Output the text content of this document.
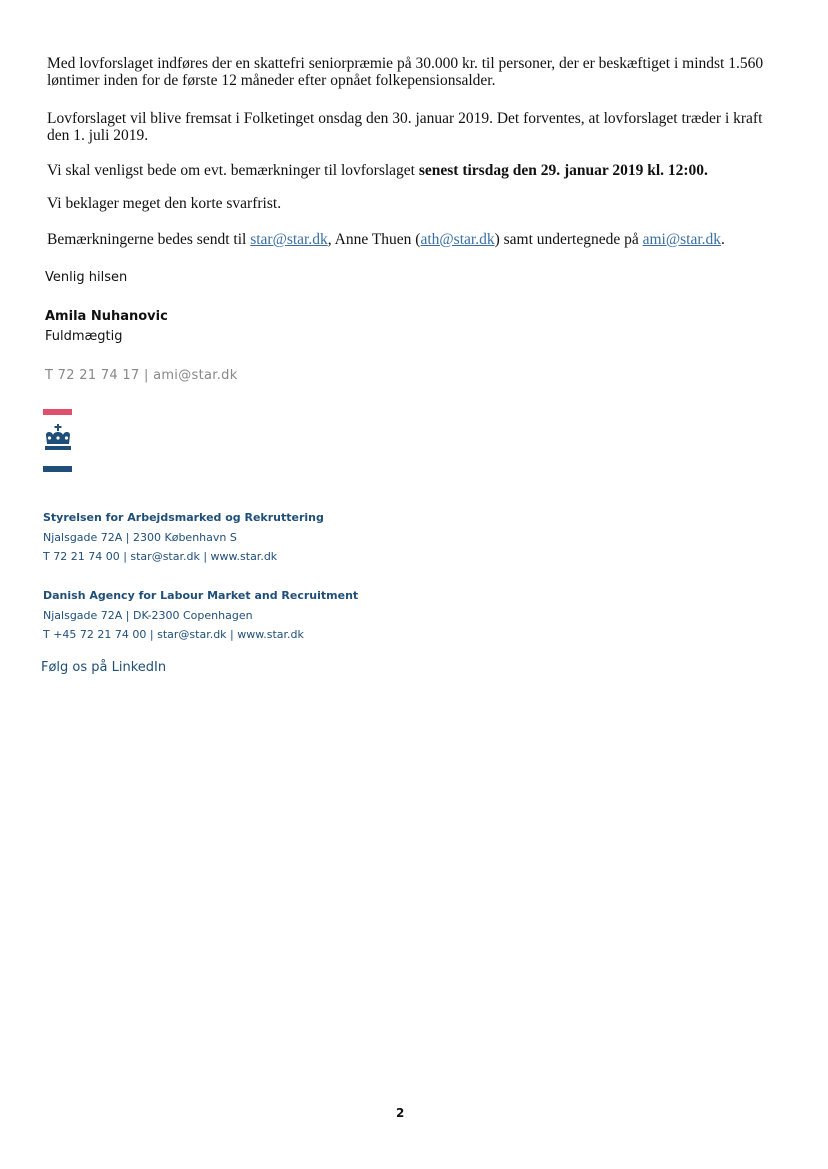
Med lovforslaget indføres der en skattefri seniorpræmie på 30.000 kr. til personer, der er beskæftiget i mindst 1.560 løntimer inden for de første 12 måneder efter opnået folkepensionsalder.

Lovforslaget vil blive fremsat i Folketinget onsdag den 30. januar 2019. Det forventes, at lovforslaget træder i kraft den 1. juli 2019.

Vi skal venligst bede om evt. bemærkninger til lovforslaget senest tirsdag den 29. januar 2019 kl. 12:00.

Vi beklager meget den korte svarfrist.

Bemærkningerne bedes sendt til star@star.dk, Anne Thuen (ath@star.dk) samt undertegnede på ami@star.dk.

Venlig hilsen
Amila Nuhanovic
Fuldmægtig
T 72 21 74 17 | ami@star.dk
Styrelsen for Arbejdsmarked og Rekruttering
Njalsgade 72A | 2300 København S
T 72 21 74 00 | star@star.dk | www.star.dk
Danish Agency for Labour Market and Recruitment
Njalsgade 72A | DK-2300 Copenhagen
T +45 72 21 74 00 | star@star.dk | www.star.dk
Følg os på LinkedIn
2
